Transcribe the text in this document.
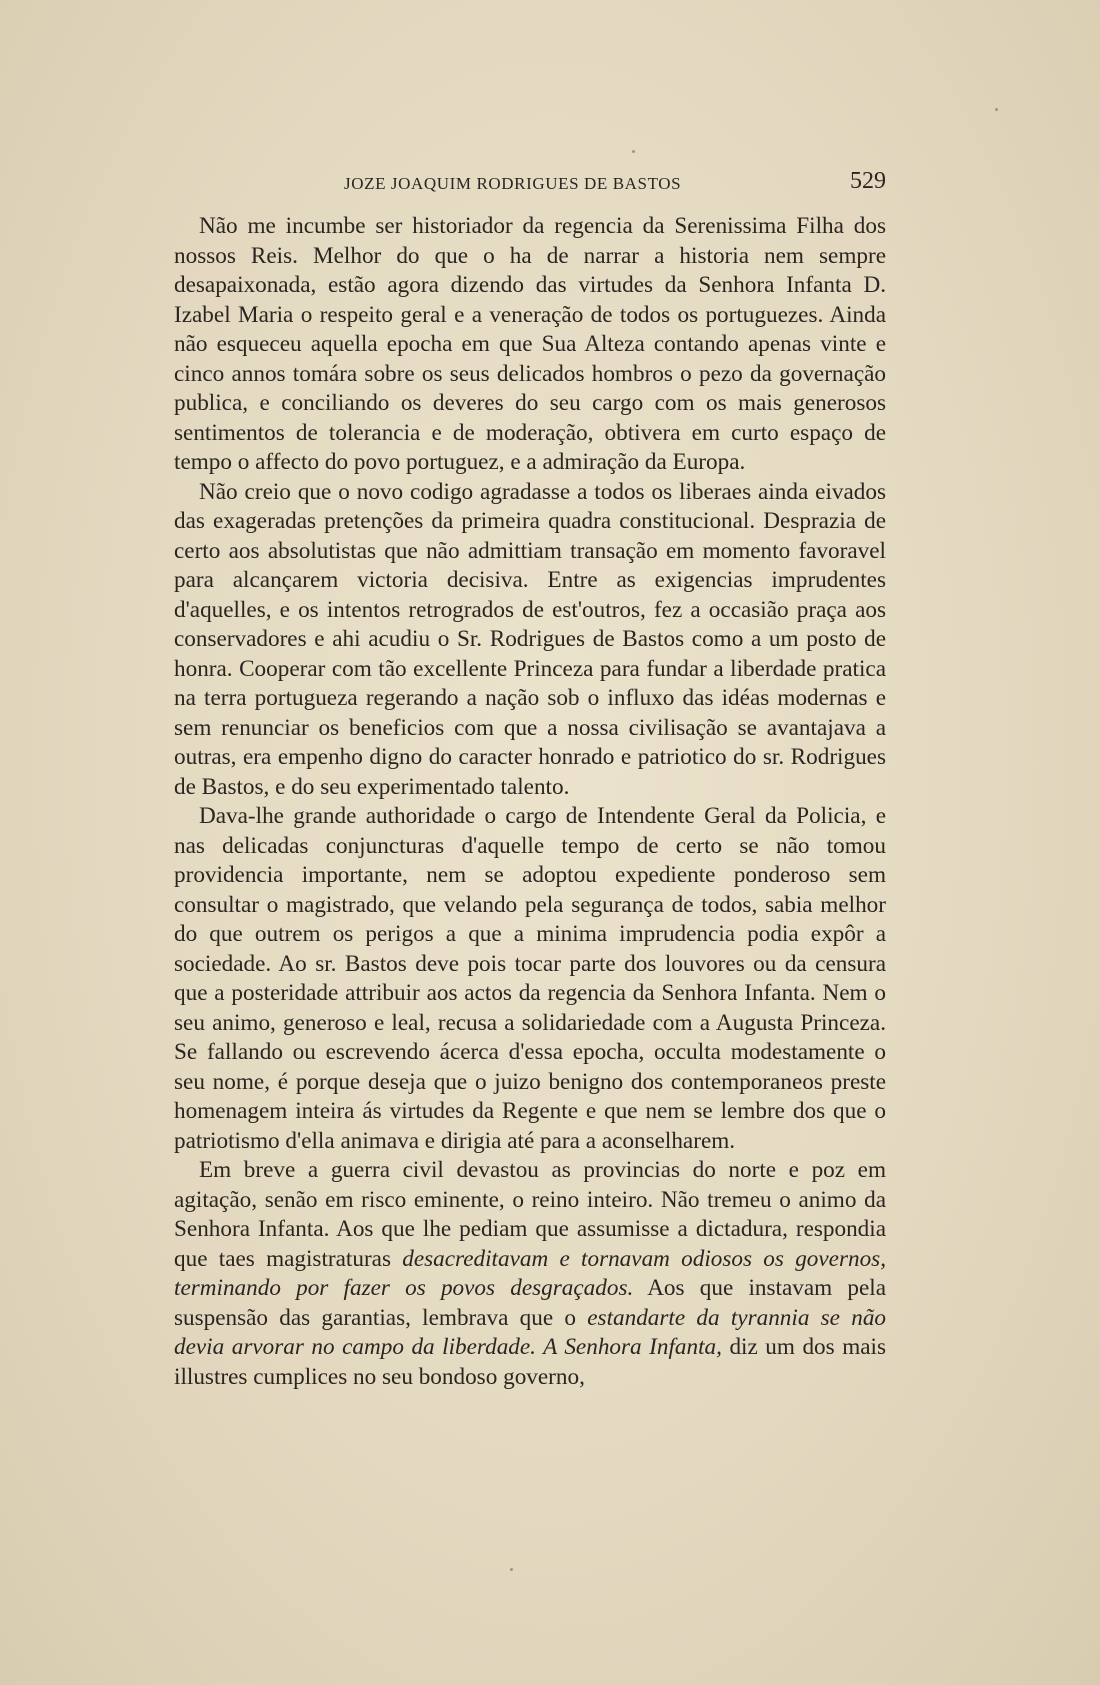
JOZE JOAQUIM RODRIGUES DE BASTOS	529

Não me incumbe ser historiador da regencia da Serenissima Filha dos nossos Reis. Melhor do que o ha de narrar a historia nem sempre desapaixonada, estão agora dizendo das virtudes da Senhora Infanta D. Izabel Maria o respeito geral e a veneração de todos os portuguezes. Ainda não esqueceu aquella epocha em que Sua Alteza contando apenas vinte e cinco annos tomára sobre os seus delicados hombros o pezo da governação publica, e conciliando os deveres do seu cargo com os mais generosos sentimentos de tolerancia e de moderação, obtivera em curto espaço de tempo o affecto do povo portuguez, e a admiração da Europa.

Não creio que o novo codigo agradasse a todos os liberaes ainda eivados das exageradas pretenções da primeira quadra constitucional. Desprazia de certo aos absolutistas que não admittiam transação em momento favoravel para alcançarem victoria decisiva. Entre as exigencias imprudentes d'aquelles, e os intentos retrogrados de est'outros, fez a occasião praça aos conservadores e ahi acudiu o Sr. Rodrigues de Bastos como a um posto de honra. Cooperar com tão excellente Princeza para fundar a liberdade pratica na terra portugueza regerando a nação sob o influxo das idéas modernas e sem renunciar os beneficios com que a nossa civilisação se avantajava a outras, era empenho digno do caracter honrado e patriotico do sr. Rodrigues de Bastos, e do seu experimentado talento.

Dava-lhe grande authoridade o cargo de Intendente Geral da Policia, e nas delicadas conjuncturas d'aquelle tempo de certo se não tomou providencia importante, nem se adoptou expediente ponderoso sem consultar o magistrado, que velando pela segurança de todos, sabia melhor do que outrem os perigos a que a minima imprudencia podia expôr a sociedade. Ao sr. Bastos deve pois tocar parte dos louvores ou da censura que a posteridade attribuir aos actos da regencia da Senhora Infanta. Nem o seu animo, generoso e leal, recusa a solidariedade com a Augusta Princeza. Se fallando ou escrevendo ácerca d'essa epocha, occulta modestamente o seu nome, é porque deseja que o juizo benigno dos contemporaneos preste homenagem inteira ás virtudes da Regente e que nem se lembre dos que o patriotismo d'ella animava e dirigia até para a aconselharem.

Em breve a guerra civil devastou as provincias do norte e poz em agitação, senão em risco eminente, o reino inteiro. Não tremeu o animo da Senhora Infanta. Aos que lhe pediam que assumisse a dictadura, respondia que taes magistraturas desacreditavam e tornavam odiosos os governos, terminando por fazer os povos desgraçados. Aos que instavam pela suspensão das garantias, lembrava que o estandarte da tyrannia se não devia arvorar no campo da liberdade. A Senhora Infanta, diz um dos mais illustres cumplices no seu bondoso governo,
